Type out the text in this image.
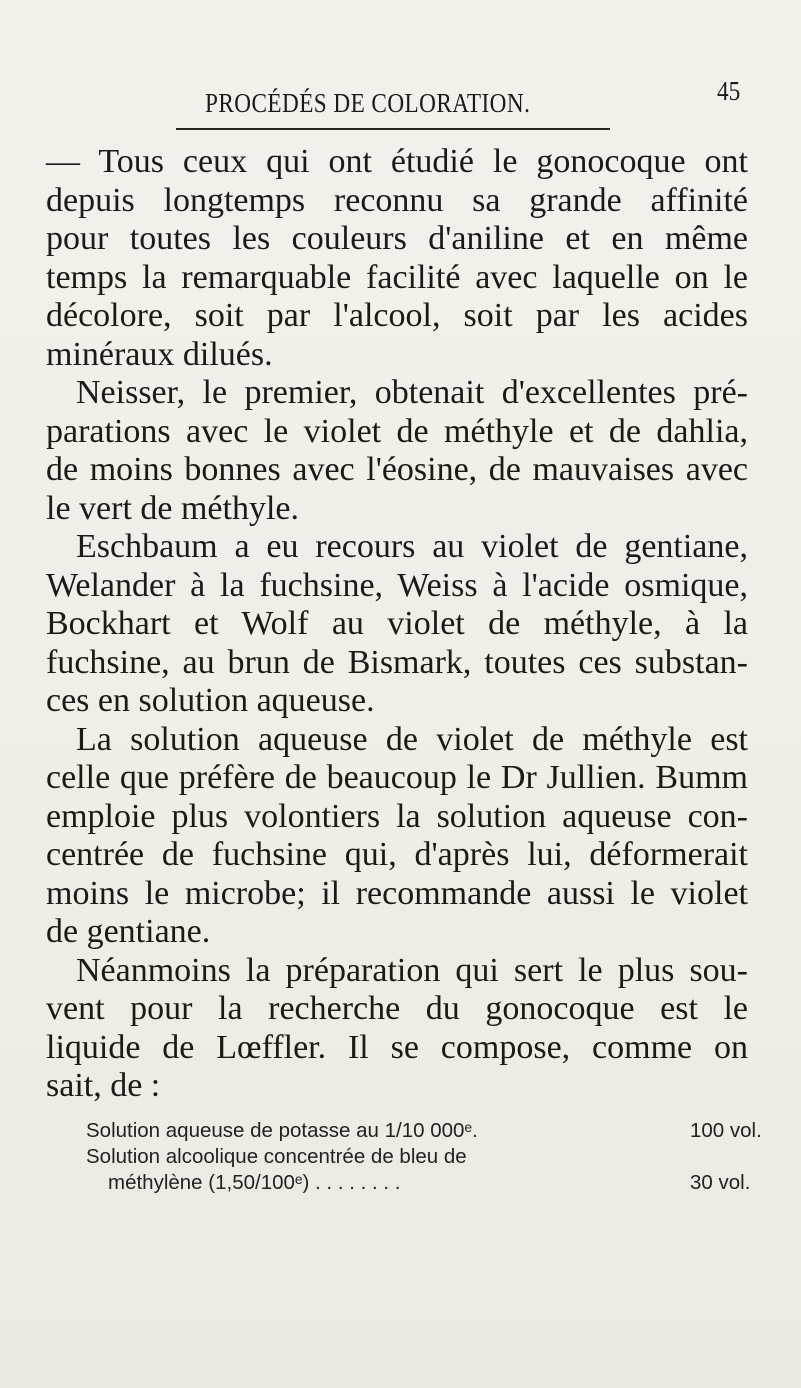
PROCÉDÉS DE COLORATION.	45
— Tous ceux qui ont étudié le gonocoque ont
depuis longtemps reconnu sa grande affinité
pour toutes les couleurs d'aniline et en même
temps la remarquable facilité avec laquelle on le
décolore, soit par l'alcool, soit par les acides
minéraux dilués.
Neisser, le premier, obtenait d'excellentes pré-
parations avec le violet de méthyle et de dahlia,
de moins bonnes avec l'éosine, de mauvaises avec
le vert de méthyle.
Eschbaum a eu recours au violet de gentiane,
Welander à la fuchsine, Weiss à l'acide osmique,
Bockhart et Wolf au violet de méthyle, à la
fuchsine, au brun de Bismark, toutes ces substan-
ces en solution aqueuse.
La solution aqueuse de violet de méthyle est
celle que préfère de beaucoup le Dr Jullien. Bumm
emploie plus volontiers la solution aqueuse con-
centrée de fuchsine qui, d'après lui, déformerait
moins le microbe; il recommande aussi le violet
de gentiane.
Néanmoins la préparation qui sert le plus sou-
vent pour la recherche du gonocoque est le
liquide de Lœffler. Il se compose, comme on
sait, de :
Solution aqueuse de potasse au 1/10 000ᵉ.	100 vol.
Solution alcoolique concentrée de bleu de
méthylène (1,50/100ᵉ) . . . . . . . .	30 vol.
